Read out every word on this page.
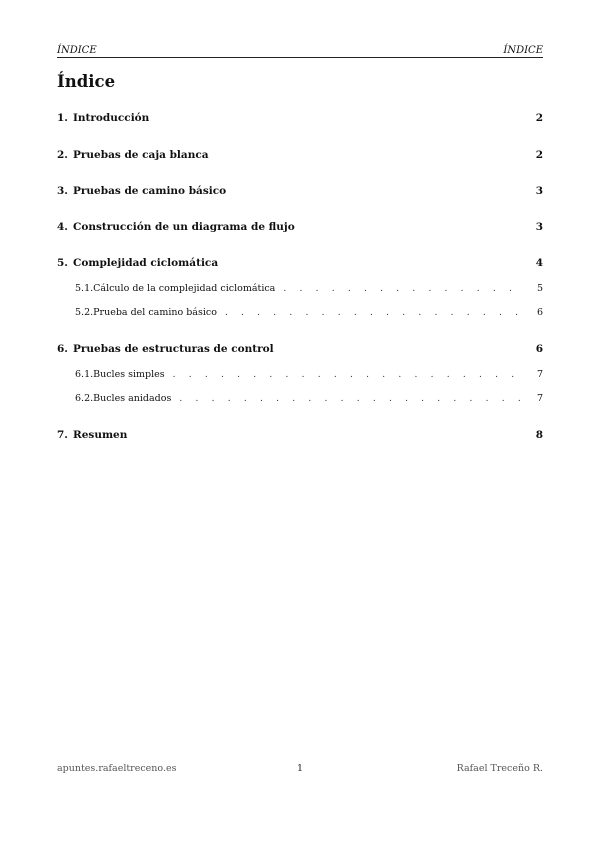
ÍNDICE	ÍNDICE
Índice
1. Introducción	2
2. Pruebas de caja blanca	2
3. Pruebas de camino básico	3
4. Construcción de un diagrama de flujo	3
5. Complejidad ciclomática	4
5.1. Cálculo de la complejidad ciclomática . . .	5
5.2. Prueba del camino básico . . .	6
6. Pruebas de estructuras de control	6
6.1. Bucles simples . . .	7
6.2. Bucles anidados . . .	7
7. Resumen	8
apuntes.rafaeltreceno.es	1	Rafael Treceño R.
